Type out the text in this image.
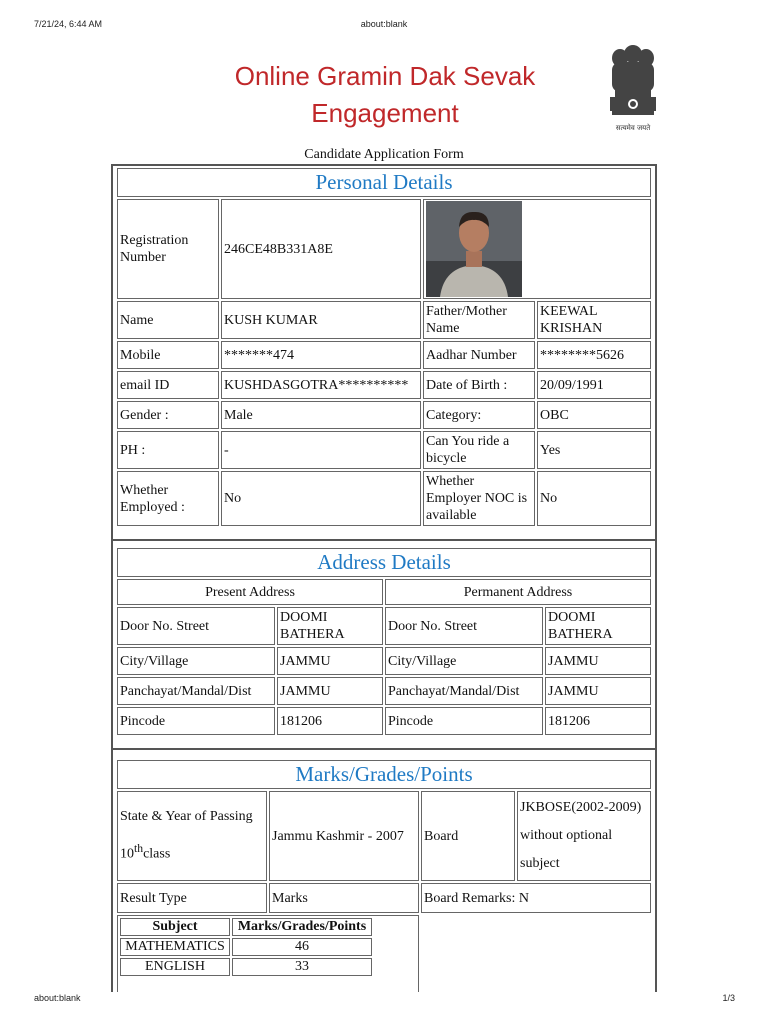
7/21/24, 6:44 AM	about:blank
Online Gramin Dak Sevak
Engagement	सत्यमेव जयते
Candidate Application Form
Personal Details			
Registration Number	246CE48B331A8E	

Name	KUSH KUMAR	Father/Mother Name	KEEWAL KRISHAN
Mobile	*******474	Aadhar Number	********5626
email ID	KUSHDASGOTRA**********	Date of Birth :	20/09/1991
Gender :	Male	Category:	OBC
PH :	-	Can You ride a bicycle	Yes
Whether Employed :	No	Whether Employer NOC is available	No
Address Details			
Present Address		Permanent Address	
Door No. Street	DOOMI BATHERA	Door No. Street	DOOMI BATHERA
City/Village	JAMMU	City/Village	JAMMU
Panchayat/Mandal/Dist	JAMMU	Panchayat/Mandal/Dist	JAMMU
Pincode	181206	Pincode	181206
Marks/Grades/Points
State & Year of Passing
10thclass	Jammu Kashmir - 2007	Board	JKBOSE(2002-2009) without optional subject
Result Type	Marks	Board Remarks: N

Subject	Marks/Grades/Points
MATHEMATICS	46
ENGLISH	33

about:blank	1/3
